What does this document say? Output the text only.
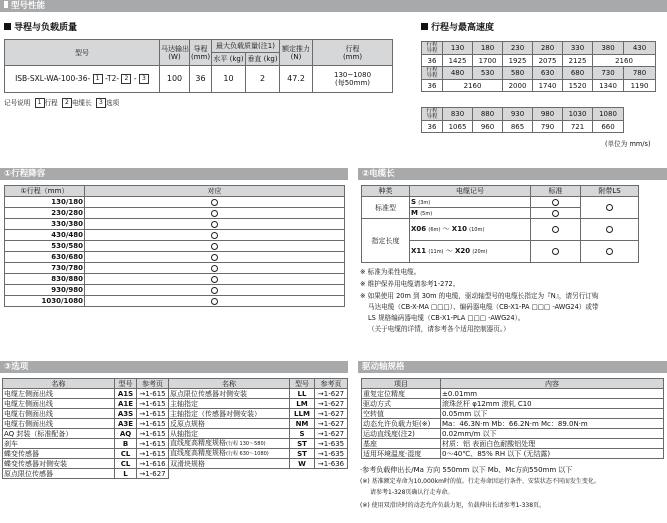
型号性能
导程与负载质量
型号	马达输出
(W)	导程
(mm)	最大负载质量(注1)		额定推力
(N)	行程
(mm)
			水平 (kg)	垂直 (kg)		
ISB-SXL-WA-100-36- 1 -T2- 2 - 3	100	36	10	2	47.2	130~1080
(每50mm)
记号说明 1 行程 2 电缆长 3 选项
行程与最高速度
行程
导程	130	180	230	280	330	380	430
36	1425	1700	1925	2075	2125	2160	
行程
导程	480	530	580	630	680	730	780
36	2160		2000	1740	1520	1340	1190
行程
导程	830	880	930	980	1030	1080
36	1065	960	865	790	721	660
(单位为 mm/s)
①行程降容
①行程（mm）	对应
130/180	
230/280	
330/380	
430/480	
530/580	
630/680	
730/780	
830/880	
930/980	
1030/1080	
②电缆长
种类	电缆记号	标准	附带LS
标准型	S (3m)		
	M (5m)		
指定长度	X06 (6m) ～ X10 (10m)		
	X11 (11m) ～ X20 (20m)		
※ 标准为柔性电缆。
※ 维护保养用电缆请参考1-272。
※ 如果使用 20m 到 30m 的电缆，驱动轴型号的电缆长指定为『N』，请另行订购
马达电缆（CB-X-MA □□□）、编码器电缆（CB-X1-PA □□□ -AWG24）或带
LS 规格编码器电缆（CB-X1-PLA □□□ -AWG24）。
（关于电缆的详情，请参考各个适用控制器页。）
③选项
名称	型号	参考页
电缆左侧面出线	A1S	→1-615
电缆左侧面出线	A1E	→1-615
电缆右侧面出线	A3S	→1-615
电缆右侧面出线	A3E	→1-615
AQ 封装（标准配备）	AQ	→1-615
刹车	B	→1-615
蝶变传感器	CL	→1-615
蝶变传感器对侧安装	CL	→1-616
原点限位传感器	L	→1-627
名称	型号	参考页
原点限位传感器对侧安装	LL	→1-627
主轴指定	LM	→1-627
主轴指定（传感器对侧安装）	LLM	→1-627
反原点规格	NM	→1-627
从轴指定	S	→1-627
直线度高精度规格(行程 130～580)	ST	→1-635
直线度高精度规格(行程 630～1080)	ST	→1-635
双滑块规格	W	→1-636
驱动轴规格
项目	内容
重复定位精度	±0.01mm
驱动方式	滚珠丝杆 φ12mm 滚轧 C10
空转值	0.05mm 以下
动态允许负载力矩(※)	Ma：46.3N·m Mb：66.2N·m Mc：89.0N·m
运动直线度(注2)	0.02mm/m 以下
基座	材质：铝 表面白色耐酸铝处理
适用环境温度·湿度	0～40℃、85% RH 以下 (无结露)
·参考负载伸出长/Ma 方向 550mm 以下 Mb、Mc方向550mm 以下
(※) 基准额定寿命为10,000km时的值。行走寿命因运行条件、安装状态不同而发生变化。
请参考1-328页确认行走寿命。
(※) 使用双滑块时的动态允许负载力矩，负载伸出长请参考1-338页。
